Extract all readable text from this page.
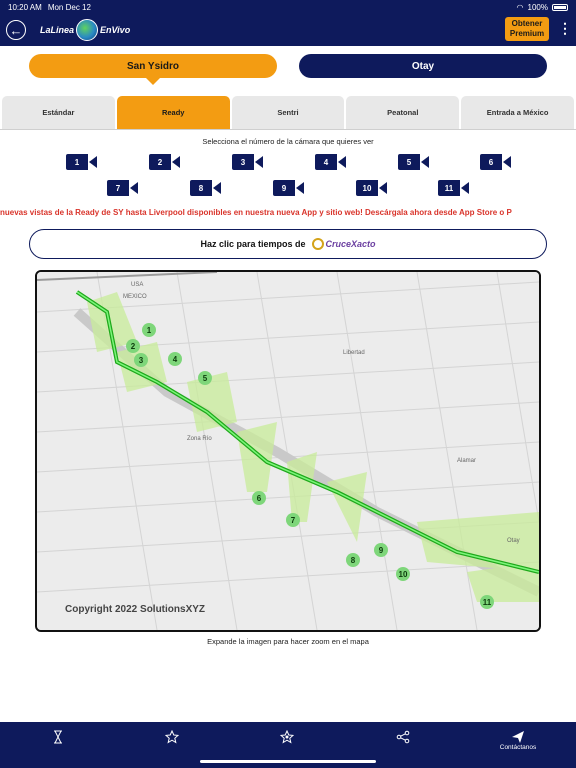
10:20 AM Mon Dec 12	◠ 100%
← LaLinea	EnVivo
Obtener Premium ⋮
San Ysidro	Otay
Estándar	Ready	Sentri	Peatonal	Entrada a México
Selecciona el número de la cámara que quieres ver
1	2	3	4	5	6
7	8	9	10	11
nuevas vistas de la Ready de SY hasta Liverpool disponibles en nuestra nueva App y sitio web! Descárgala ahora desde App Store o P
Haz clic para tiempos de CruceXacto
1
2
3	4
5
6
7
8
9
10
11
USA
MEXICO
Libertad
Zona Río
Alamar
Otay
Copyright 2022 SolutionsXYZ
Expande la imagen para hacer zoom en el mapa
Contáctanos
